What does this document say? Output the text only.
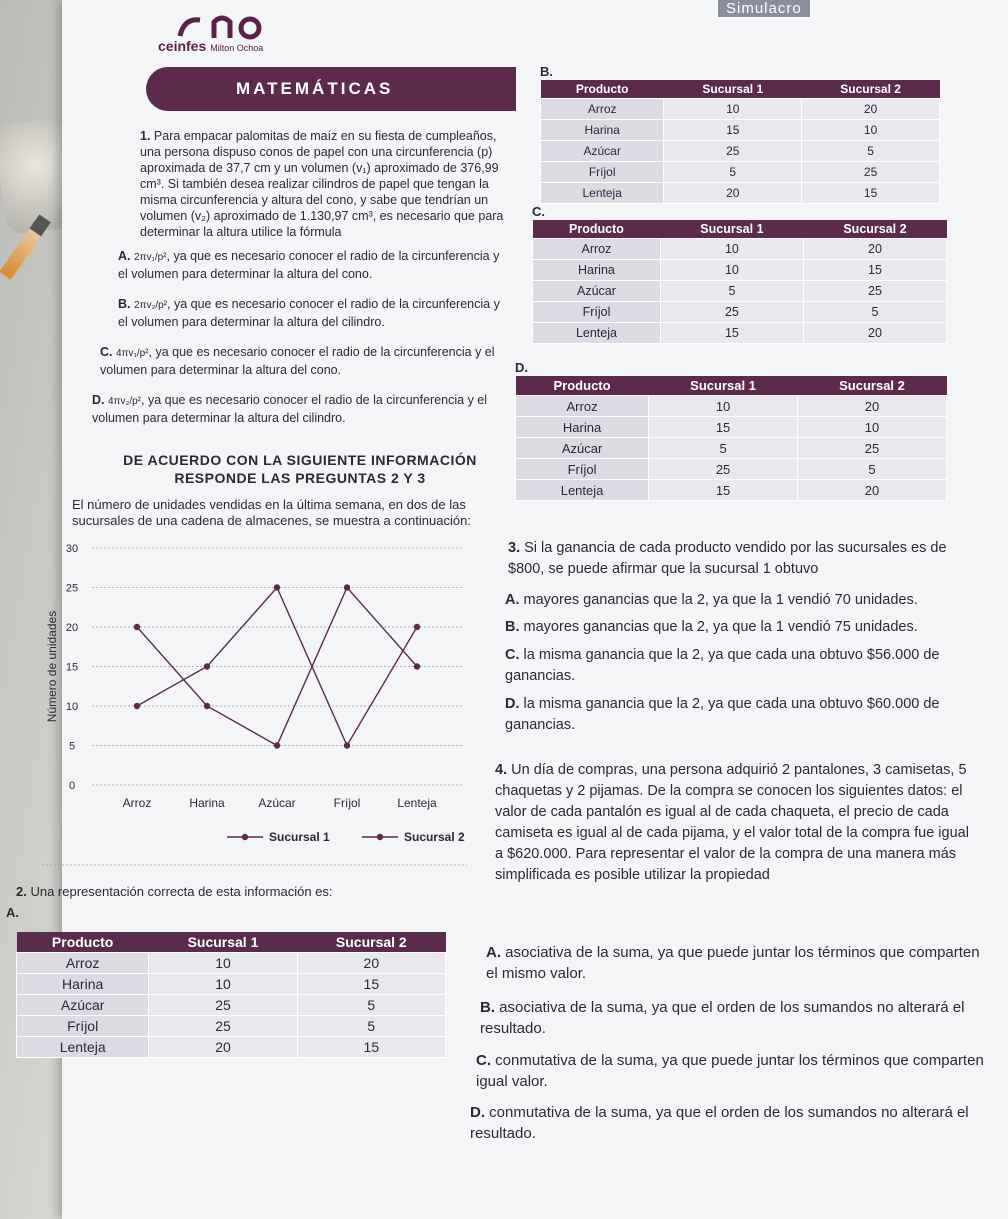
Simulacro
ceinfes Milton Ochoa
MATEMÁTICAS
1. Para empacar palomitas de maíz en su fiesta de cumpleaños, una persona dispuso conos de papel con una circunferencia (p) aproximada de 37,7 cm y un volumen (v₁) aproximado de 376,99 cm³. Si también desea realizar cilindros de papel que tengan la misma circunferencia y altura del cono, y sabe que tendrían un volumen (v₂) aproximado de 1.130,97 cm³, es necesario que para determinar la altura utilice la fórmula
A. 2πv₁/p², ya que es necesario conocer el radio de la circunferencia y el volumen para determinar la altura del cono.
B. 2πv₂/p², ya que es necesario conocer el radio de la circunferencia y el volumen para determinar la altura del cilindro.
C. 4πv₁/p², ya que es necesario conocer el radio de la circunferencia y el volumen para determinar la altura del cono.
D. 4πv₂/p², ya que es necesario conocer el radio de la circunferencia y el volumen para determinar la altura del cilindro.
DE ACUERDO CON LA SIGUIENTE INFORMACIÓN
RESPONDE LAS PREGUNTAS 2 Y 3
El número de unidades vendidas en la última semana, en dos de las sucursales de una cadena de almacenes, se muestra a continuación:
0
5
10
15
20
25
30
Número de unidades
Arroz	Harina	Azúcar	Fríjol	Lenteja
Sucursal 1	Sucursal 2
2. Una representación correcta de esta información es:
A.
Producto	Sucursal 1	Sucursal 2
Arroz	10	20
Harina	10	15
Azúcar	25	5
Fríjol	25	5
Lenteja	20	15
B.
Producto	Sucursal 1	Sucursal 2
Arroz	10	20
Harina	15	10
Azúcar	25	5
Fríjol	5	25
Lenteja	20	15
C.
Producto	Sucursal 1	Sucursal 2
Arroz	10	20
Harina	10	15
Azúcar	5	25
Fríjol	25	5
Lenteja	15	20
D.
Producto	Sucursal 1	Sucursal 2
Arroz	10	20
Harina	15	10
Azúcar	5	25
Fríjol	25	5
Lenteja	15	20
3. Si la ganancia de cada producto vendido por las sucursales es de $800, se puede afirmar que la sucursal 1 obtuvo
A. mayores ganancias que la 2, ya que la 1 vendió 70 unidades.
B. mayores ganancias que la 2, ya que la 1 vendió 75 unidades.
C. la misma ganancia que la 2, ya que cada una obtuvo $56.000 de ganancias.
D. la misma ganancia que la 2, ya que cada una obtuvo $60.000 de ganancias.
4. Un día de compras, una persona adquirió 2 pantalones, 3 camisetas, 5 chaquetas y 2 pijamas. De la compra se conocen los siguientes datos: el valor de cada pantalón es igual al de cada chaqueta, el precio de cada camiseta es igual al de cada pijama, y el valor total de la compra fue igual a $620.000. Para representar el valor de la compra de una manera más simplificada es posible utilizar la propiedad
A. asociativa de la suma, ya que puede juntar los términos que comparten el mismo valor.
B. asociativa de la suma, ya que el orden de los sumandos no alterará el resultado.
C. conmutativa de la suma, ya que puede juntar los términos que comparten igual valor.
D. conmutativa de la suma, ya que el orden de los sumandos no alterará el resultado.
